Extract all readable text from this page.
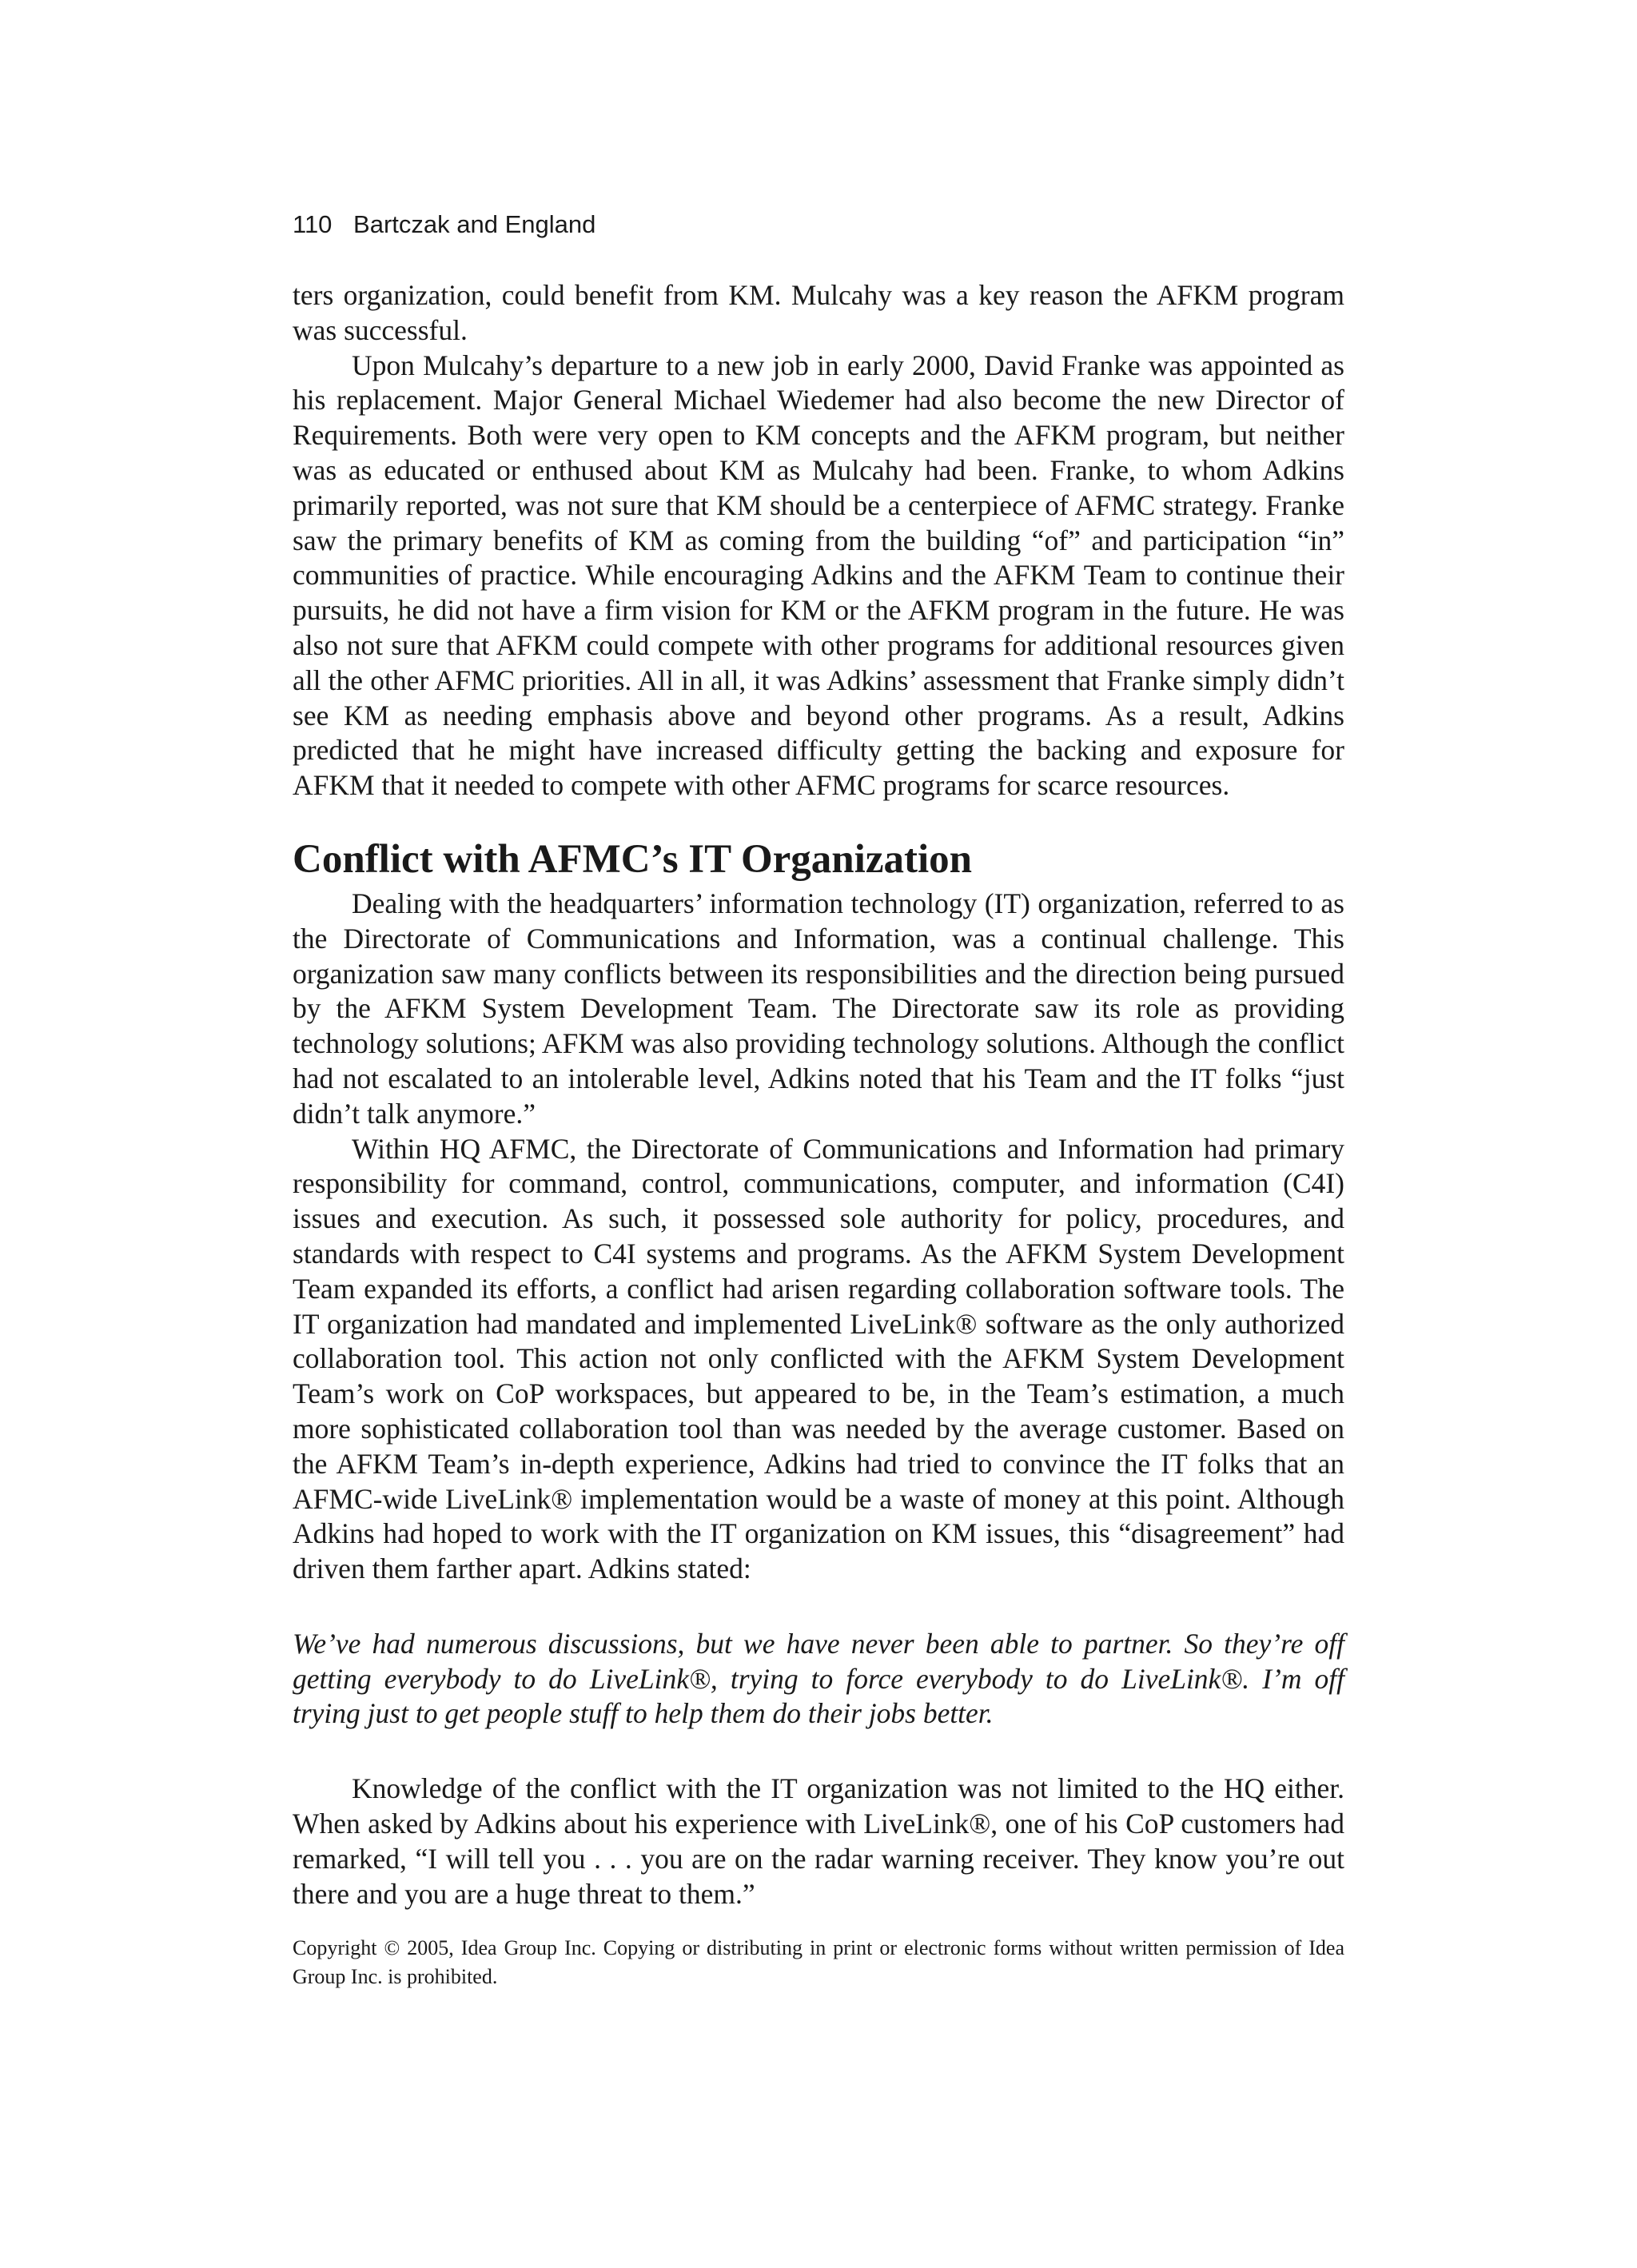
110 Bartczak and England

ters organization, could benefit from KM. Mulcahy was a key reason the AFKM program was successful.

Upon Mulcahy’s departure to a new job in early 2000, David Franke was appointed as his replacement. Major General Michael Wiedemer had also become the new Director of Requirements. Both were very open to KM concepts and the AFKM program, but neither was as educated or enthused about KM as Mulcahy had been. Franke, to whom Adkins primarily reported, was not sure that KM should be a centerpiece of AFMC strategy. Franke saw the primary benefits of KM as coming from the building “of” and participation “in” communities of practice. While encouraging Adkins and the AFKM Team to continue their pursuits, he did not have a firm vision for KM or the AFKM program in the future. He was also not sure that AFKM could compete with other programs for additional resources given all the other AFMC priorities. All in all, it was Adkins’ assessment that Franke simply didn’t see KM as needing emphasis above and beyond other programs. As a result, Adkins predicted that he might have increased difficulty getting the backing and exposure for AFKM that it needed to compete with other AFMC programs for scarce resources.

Conflict with AFMC’s IT Organization

Dealing with the headquarters’ information technology (IT) organization, referred to as the Directorate of Communications and Information, was a continual challenge. This organization saw many conflicts between its responsibilities and the direction being pursued by the AFKM System Development Team. The Directorate saw its role as providing technology solutions; AFKM was also providing technology solutions. Although the conflict had not escalated to an intolerable level, Adkins noted that his Team and the IT folks “just didn’t talk anymore.”

Within HQ AFMC, the Directorate of Communications and Information had primary responsibility for command, control, communications, computer, and information (C4I) issues and execution. As such, it possessed sole authority for policy, procedures, and standards with respect to C4I systems and programs. As the AFKM System Development Team expanded its efforts, a conflict had arisen regarding collaboration software tools. The IT organization had mandated and implemented LiveLink® software as the only authorized collaboration tool. This action not only conflicted with the AFKM System Development Team’s work on CoP workspaces, but appeared to be, in the Team’s estimation, a much more sophisticated collaboration tool than was needed by the average customer. Based on the AFKM Team’s in-depth experience, Adkins had tried to convince the IT folks that an AFMC-wide LiveLink® implementation would be a waste of money at this point. Although Adkins had hoped to work with the IT organization on KM issues, this “disagreement” had driven them farther apart. Adkins stated:

We’ve had numerous discussions, but we have never been able to partner. So they’re off getting everybody to do LiveLink®, trying to force everybody to do LiveLink®. I’m off trying just to get people stuff to help them do their jobs better.

Knowledge of the conflict with the IT organization was not limited to the HQ either. When asked by Adkins about his experience with LiveLink®, one of his CoP customers had remarked, “I will tell you . . . you are on the radar warning receiver. They know you’re out there and you are a huge threat to them.”

Copyright © 2005, Idea Group Inc. Copying or distributing in print or electronic forms without written permission of Idea Group Inc. is prohibited.
